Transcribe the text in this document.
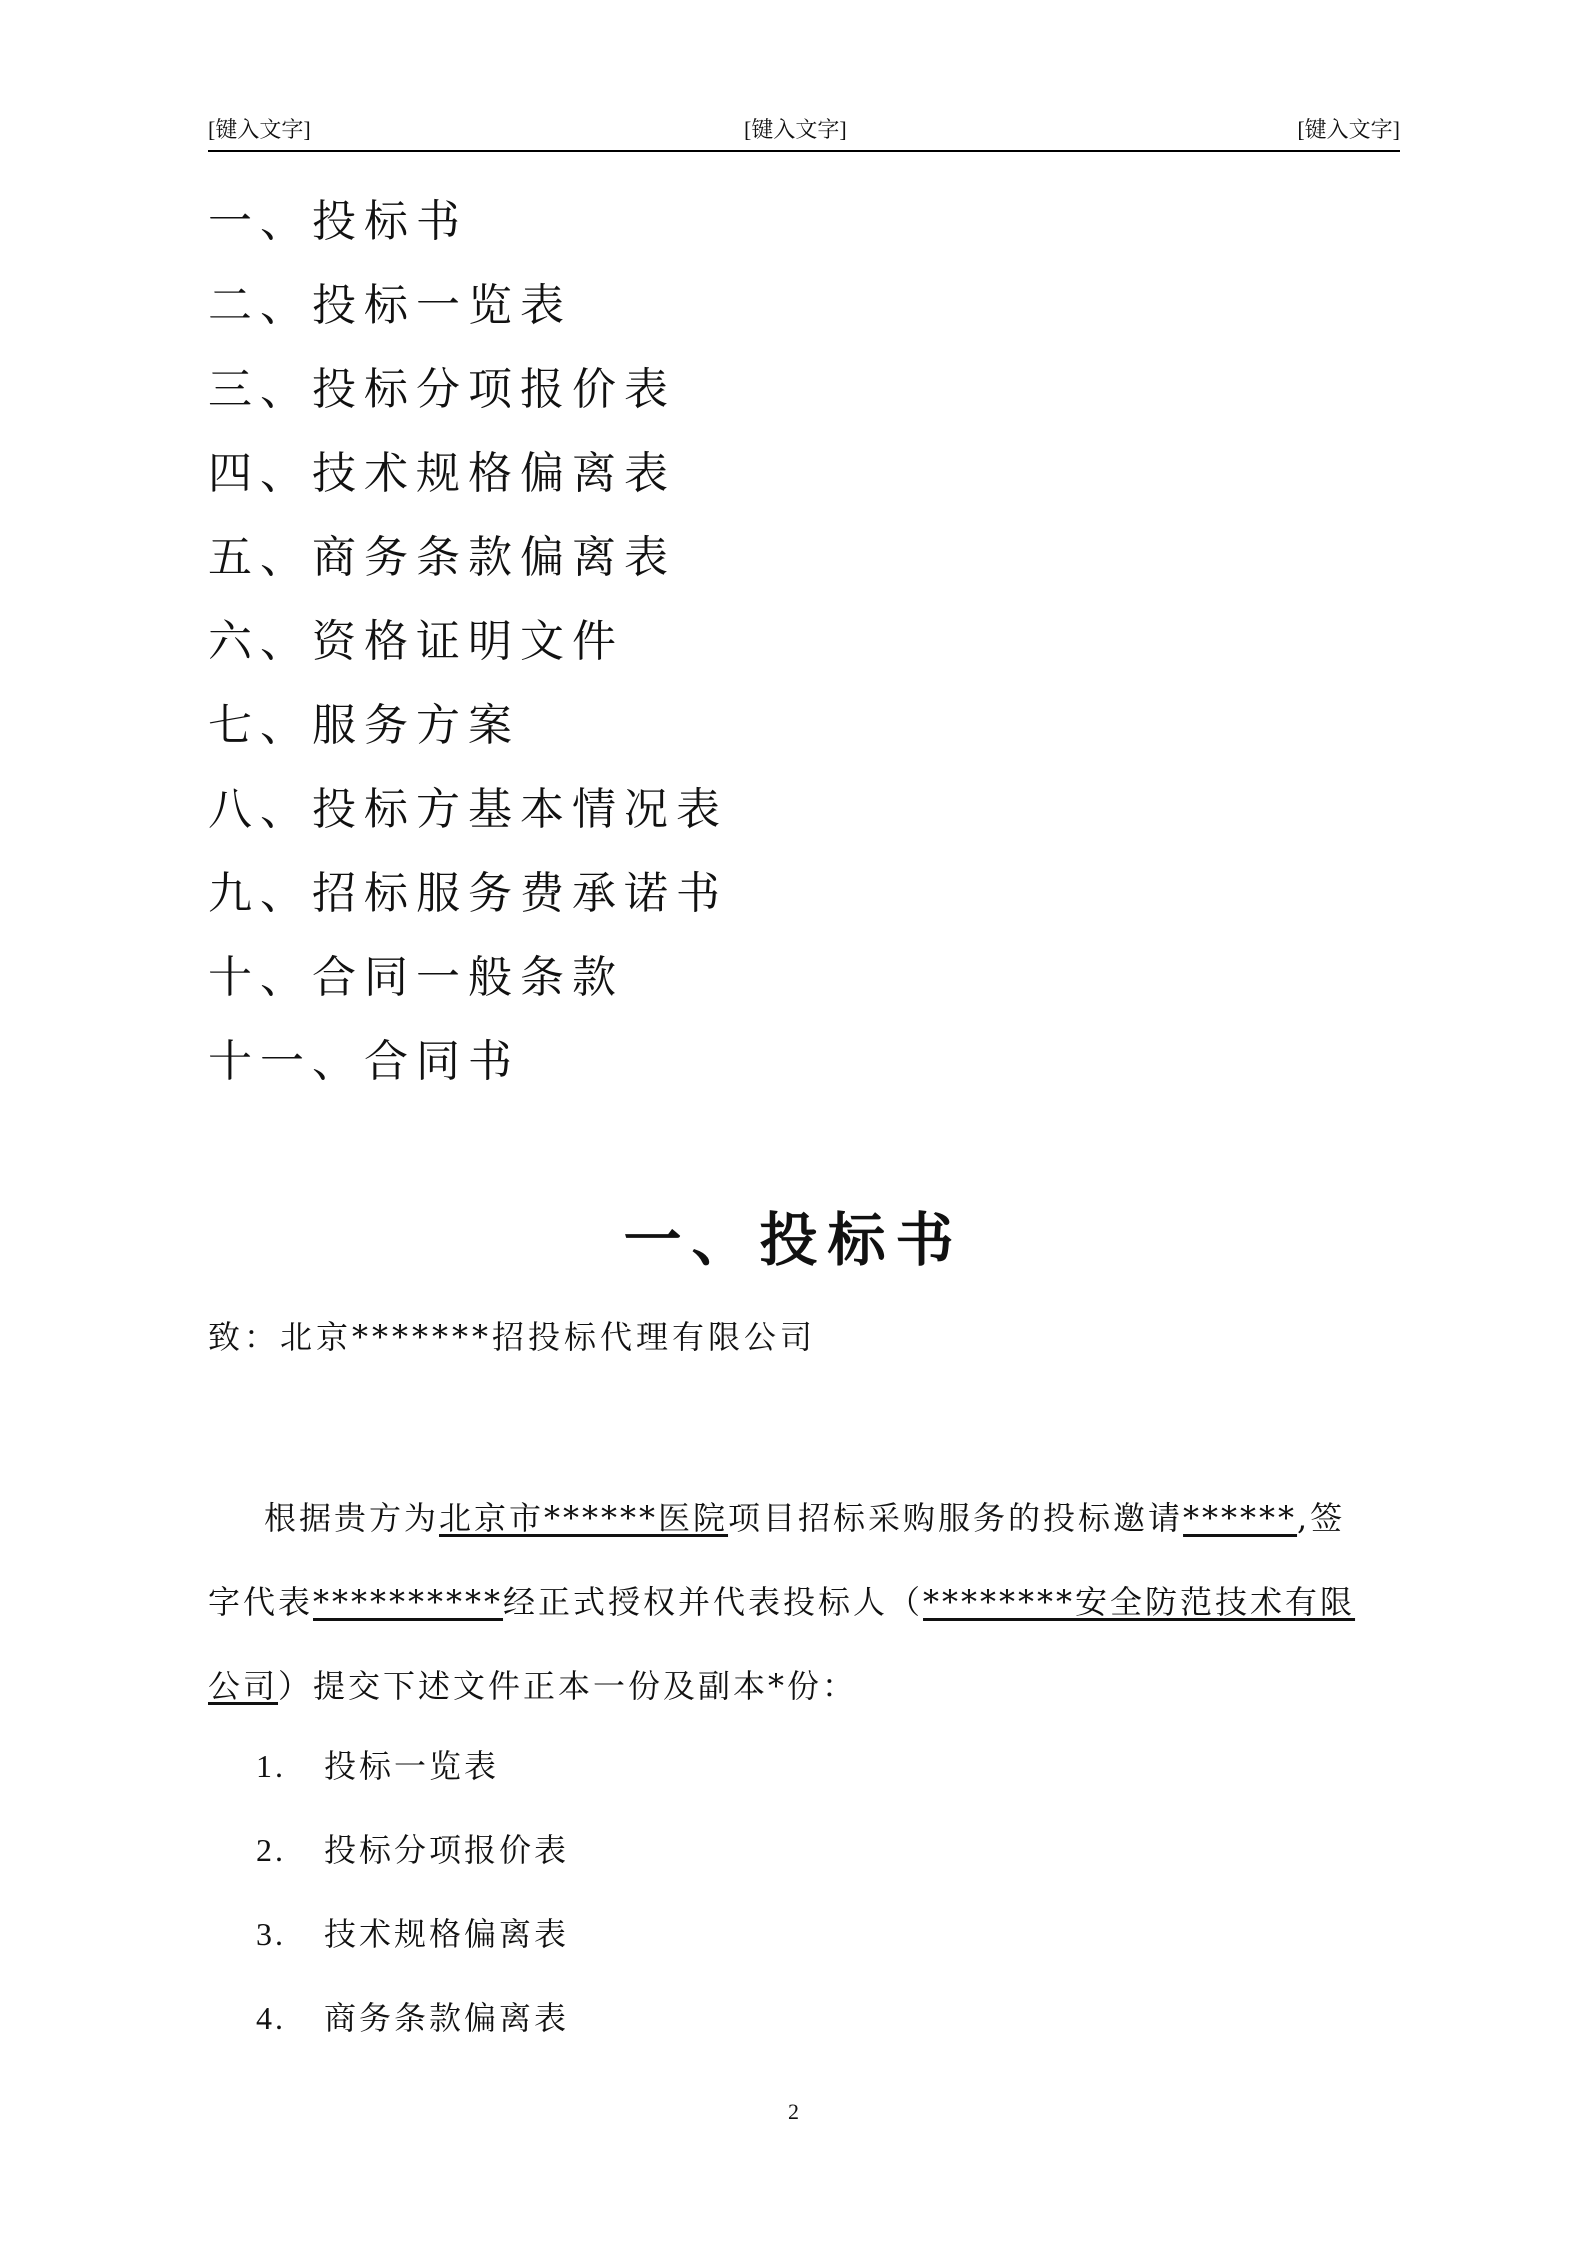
[键入文字]	[键入文字]	[键入文字]
一、投标书
二、投标一览表
三、投标分项报价表
四、技术规格偏离表
五、商务条款偏离表
六、资格证明文件
七、服务方案
八、投标方基本情况表
九、招标服务费承诺书
十、合同一般条款
十一、合同书
一、投标书
致：北京*******招投标代理有限公司
根据贵方为北京市******医院项目招标采购服务的投标邀请******,签
字代表**********经正式授权并代表投标人（********安全防范技术有限
公司）提交下述文件正本一份及副本*份：
1. 投标一览表
2. 投标分项报价表
3. 技术规格偏离表
4. 商务条款偏离表
2
